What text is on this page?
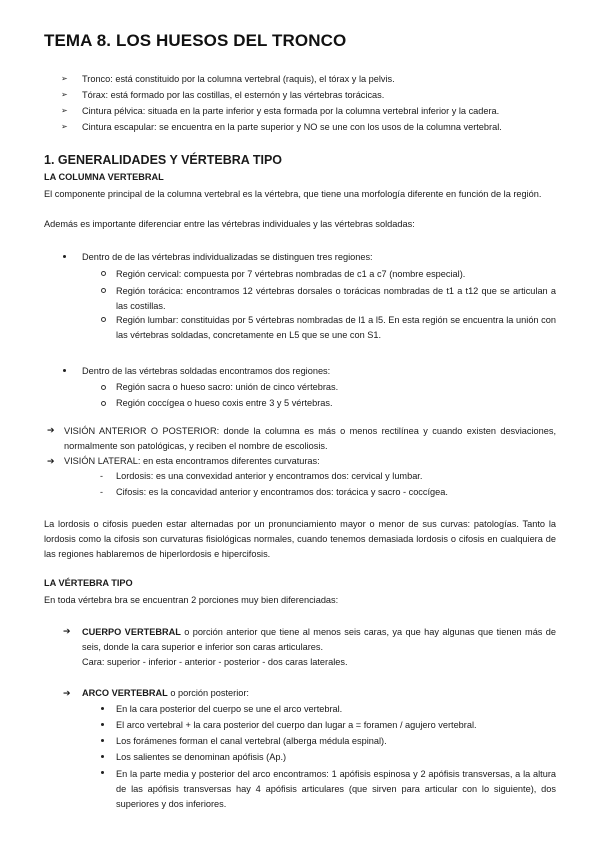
TEMA 8. LOS HUESOS DEL TRONCO
➢ Tronco: está constituido por la columna vertebral (raquis), el tórax y la pelvis.
➢ Tórax: está formado por las costillas, el esternón y las vértebras torácicas.
➢ Cintura pélvica: situada en la parte inferior y esta formada por la columna vertebral inferior y la cadera.
➢ Cintura escapular: se encuentra en la parte superior y NO se une con los usos de la columna vertebral.
1. GENERALIDADES Y VÉRTEBRA TIPO
LA COLUMNA VERTEBRAL
El componente principal de la columna vertebral es la vértebra, que tiene una morfología diferente en función de la región.
Además es importante diferenciar entre las vértebras individuales y las vértebras soldadas:
Dentro de de las vértebras individualizadas se distinguen tres regiones:
Región cervical: compuesta por 7 vértebras nombradas de c1 a c7 (nombre especial).
Región torácica: encontramos 12 vértebras dorsales o torácicas nombradas de t1 a t12 que se articulan a las costillas.
Región lumbar: constituidas por 5 vértebras nombradas de l1 a l5. En esta región se encuentra la unión con las vértebras soldadas, concretamente en L5 que se une con S1.
Dentro de las vértebras soldadas encontramos dos regiones:
Región sacra o hueso sacro: unión de cinco vértebras.
Región coccígea o hueso coxis entre 3 y 5 vértebras.
➔ VISIÓN ANTERIOR O POSTERIOR: donde la columna es más o menos rectilínea y cuando existen desviaciones, normalmente son patológicas, y reciben el nombre de escoliosis.
➔ VISIÓN LATERAL: en esta encontramos diferentes curvaturas:
- Lordosis: es una convexidad anterior y encontramos dos: cervical y lumbar.
- Cifosis: es la concavidad anterior y encontramos dos: torácica y sacro - coccígea.
La lordosis o cifosis pueden estar alternadas por un pronunciamiento mayor o menor de sus curvas: patologías. Tanto la lordosis como la cifosis son curvaturas fisiológicas normales, cuando tenemos demasiada lordosis o cifosis en cualquiera de las regiones hablaremos de hiperlordosis e hipercifosis.
LA VÉRTEBRA TIPO
En toda vértebra bra se encuentran 2 porciones muy bien diferenciadas:
➔ CUERPO VERTEBRAL o porción anterior que tiene al menos seis caras, ya que hay algunas que tienen más de seis, donde la cara superior e inferior son caras articulares.
Cara: superior - inferior - anterior - posterior - dos caras laterales.
➔ ARCO VERTEBRAL o porción posterior:
En la cara posterior del cuerpo se une el arco vertebral.
El arco vertebral + la cara posterior del cuerpo dan lugar a = foramen / agujero vertebral.
Los forámenes forman el canal vertebral (alberga médula espinal).
Los salientes se denominan apófisis (Ap.)
En la parte media y posterior del arco encontramos: 1 apófisis espinosa y 2 apófisis transversas, a la altura de las apófisis transversas hay 4 apófisis articulares (que sirven para articular con lo siguiente), dos superiores y dos inferiores.
